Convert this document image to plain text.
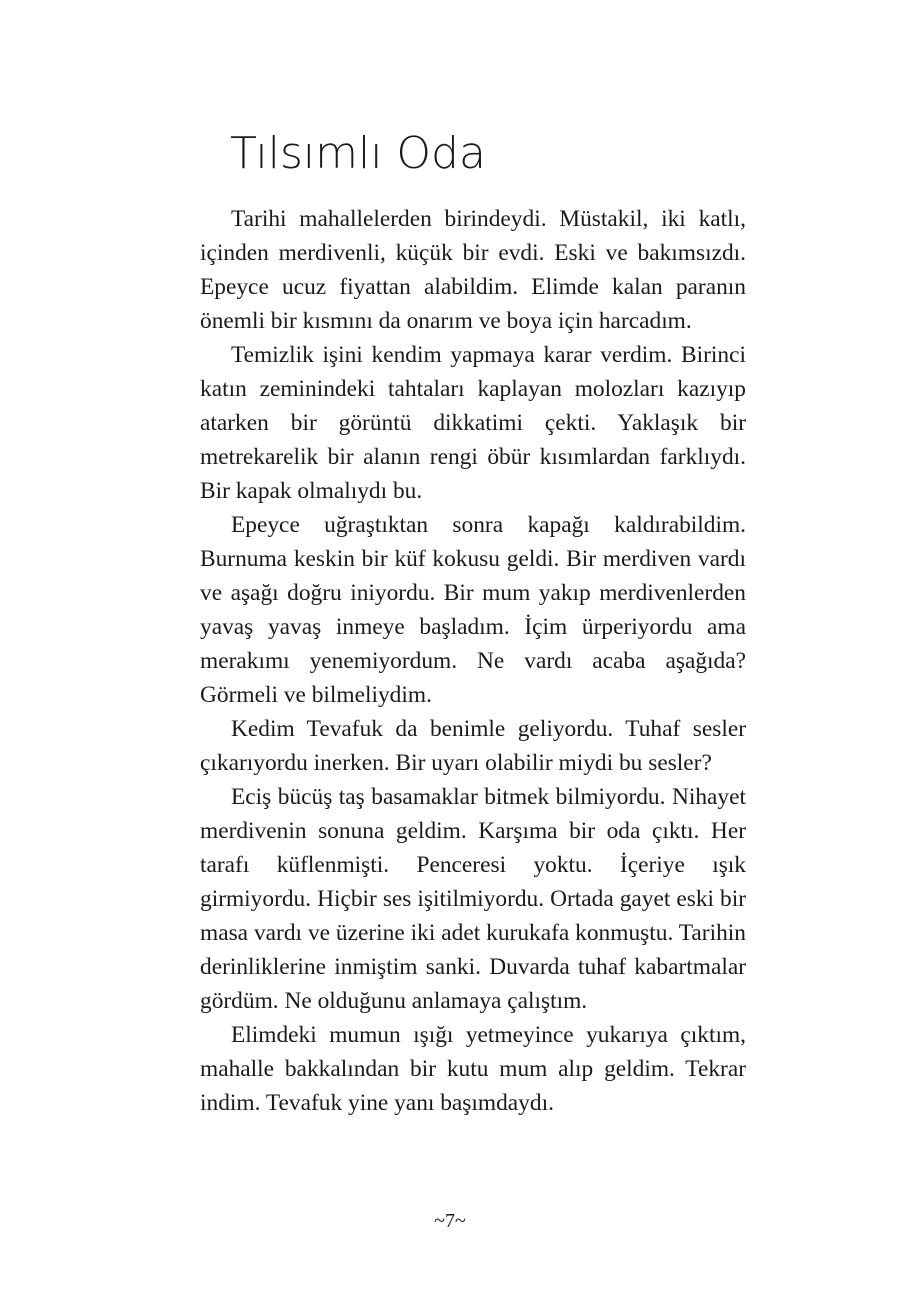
Tılsımlı Oda

Tarihi mahallelerden birindeydi. Müstakil, iki katlı, içinden merdivenli, küçük bir evdi. Eski ve bakımsızdı. Epeyce ucuz fiyattan alabildim. Elimde kalan paranın önemli bir kısmını da onarım ve boya için harcadım.

Temizlik işini kendim yapmaya karar verdim. Birinci katın zeminindeki tahtaları kaplayan molozları kazıyıp atarken bir görüntü dikkatimi çekti. Yaklaşık bir metrekarelik bir alanın rengi öbür kısımlardan farklıydı. Bir kapak olmalıydı bu.

Epeyce uğraştıktan sonra kapağı kaldırabildim. Burnuma keskin bir küf kokusu geldi. Bir merdiven vardı ve aşağı doğru iniyordu. Bir mum yakıp merdivenlerden yavaş yavaş inmeye başladım. İçim ürperiyordu ama merakımı yenemiyordum. Ne vardı acaba aşağıda? Görmeli ve bilmeliydim.

Kedim Tevafuk da benimle geliyordu. Tuhaf sesler çıkarıyordu inerken. Bir uyarı olabilir miydi bu sesler?

Eciş bücüş taş basamaklar bitmek bilmiyordu. Nihayet merdivenin sonuna geldim. Karşıma bir oda çıktı. Her tarafı küflenmişti. Penceresi yoktu. İçeriye ışık girmiyordu. Hiçbir ses işitilmiyordu. Ortada gayet eski bir masa vardı ve üzerine iki adet kurukafa konmuştu. Tarihin derinliklerine inmiştim sanki. Duvarda tuhaf kabartmalar gördüm. Ne olduğunu anlamaya çalıştım.

Elimdeki mumun ışığı yetmeyince yukarıya çıktım, mahalle bakkalından bir kutu mum alıp geldim. Tekrar indim. Tevafuk yine yanı başımdaydı.

~7~
